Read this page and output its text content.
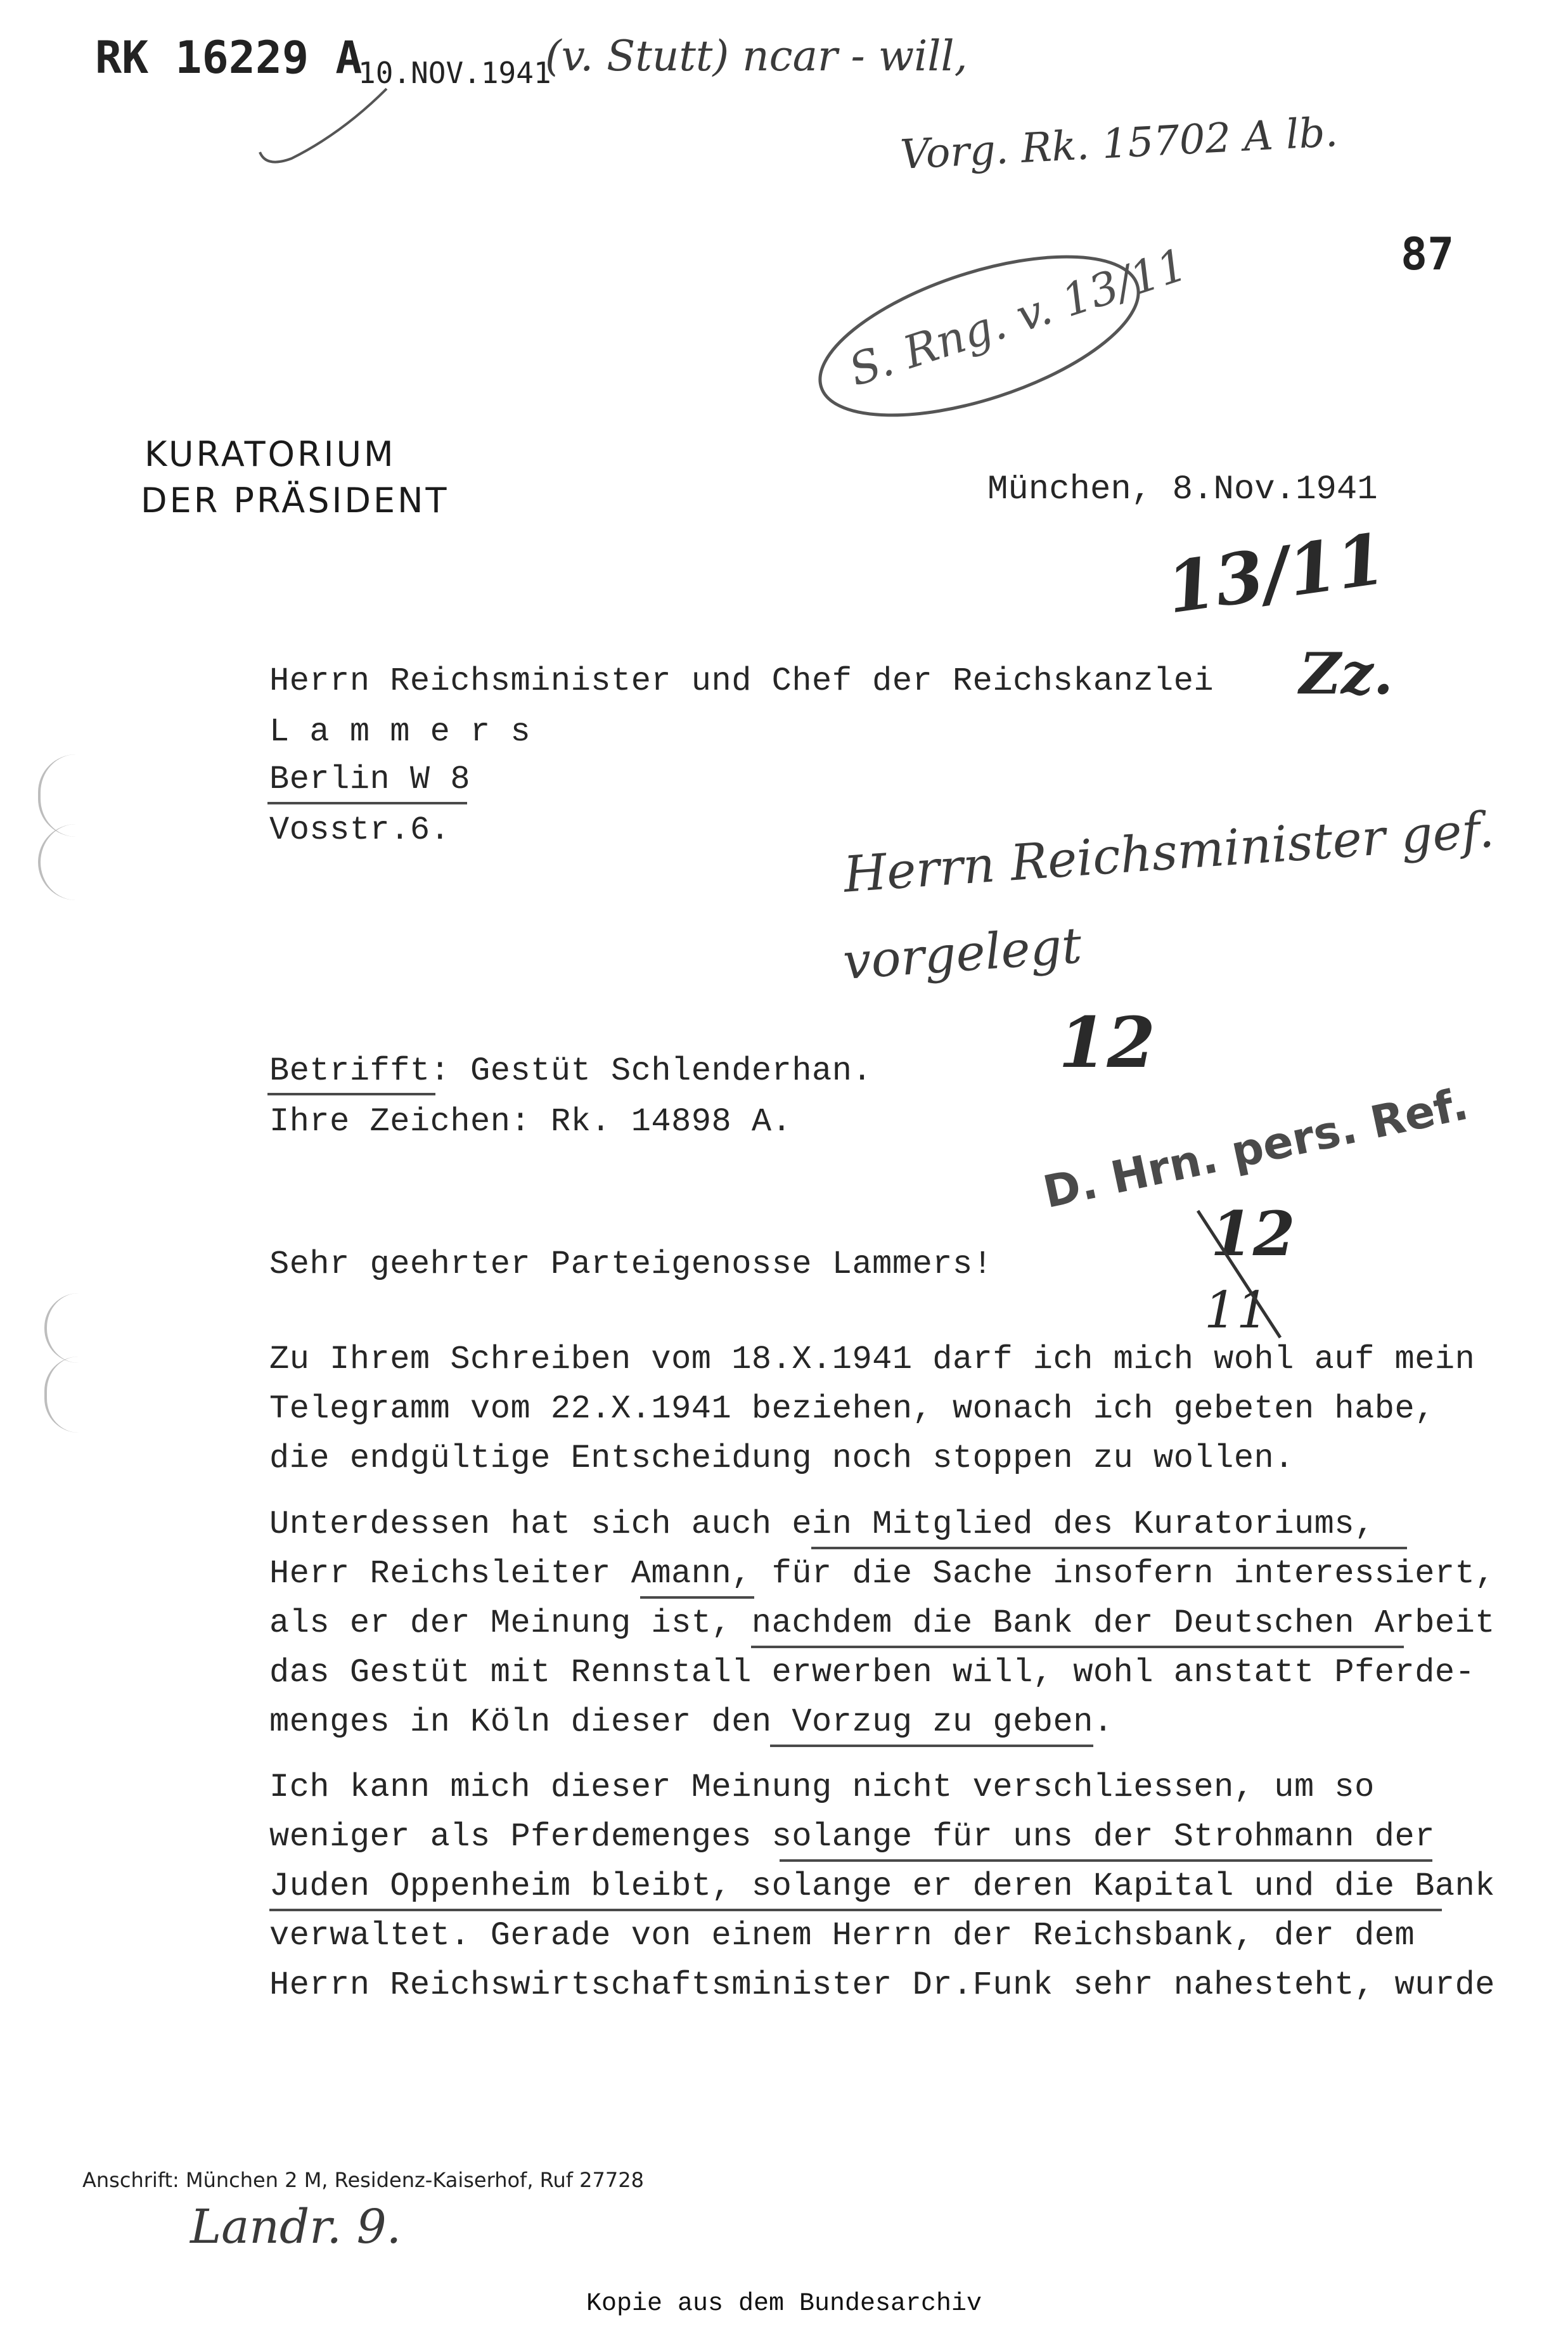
RK 16229 A
10.NOV.1941
(v. Stutt) ncar - will,
Vorg. Rk. 15702 A lb.
87
S. Rng. v. 13/11
KURATORIUM
DER PRÄSIDENT	München, 8.Nov.1941
13/11
Zz.
Herrn Reichsminister und Chef der Reichskanzlei
L a m m e r s
Berlin W 8
Vosstr.6.	Herrn Reichsminister gef.
vorgelegt
Betrifft: Gestüt Schlenderhan.
Ihre Zeichen: Rk. 14898 A.
12
D. Hrn. pers. Ref.
12
11
Sehr geehrter Parteigenosse Lammers!
Zu Ihrem Schreiben vom 18.X.1941 darf ich mich wohl auf mein
Telegramm vom 22.X.1941 beziehen, wonach ich gebeten habe,
die endgültige Entscheidung noch stoppen zu wollen.
Unterdessen hat sich auch ein Mitglied des Kuratoriums,
Herr Reichsleiter Amann, für die Sache insofern interessiert,
als er der Meinung ist, nachdem die Bank der Deutschen Arbeit
das Gestüt mit Rennstall erwerben will, wohl anstatt Pferde-
menges in Köln dieser den Vorzug zu geben.
Ich kann mich dieser Meinung nicht verschliessen, um so
weniger als Pferdemenges solange für uns der Strohmann der
Juden Oppenheim bleibt, solange er deren Kapital und die Bank
verwaltet. Gerade von einem Herrn der Reichsbank, der dem
Herrn Reichswirtschaftsminister Dr.Funk sehr nahesteht, wurde
Anschrift: München 2 M, Residenz-Kaiserhof, Ruf 27728
Landr. 9.
Kopie aus dem Bundesarchiv
